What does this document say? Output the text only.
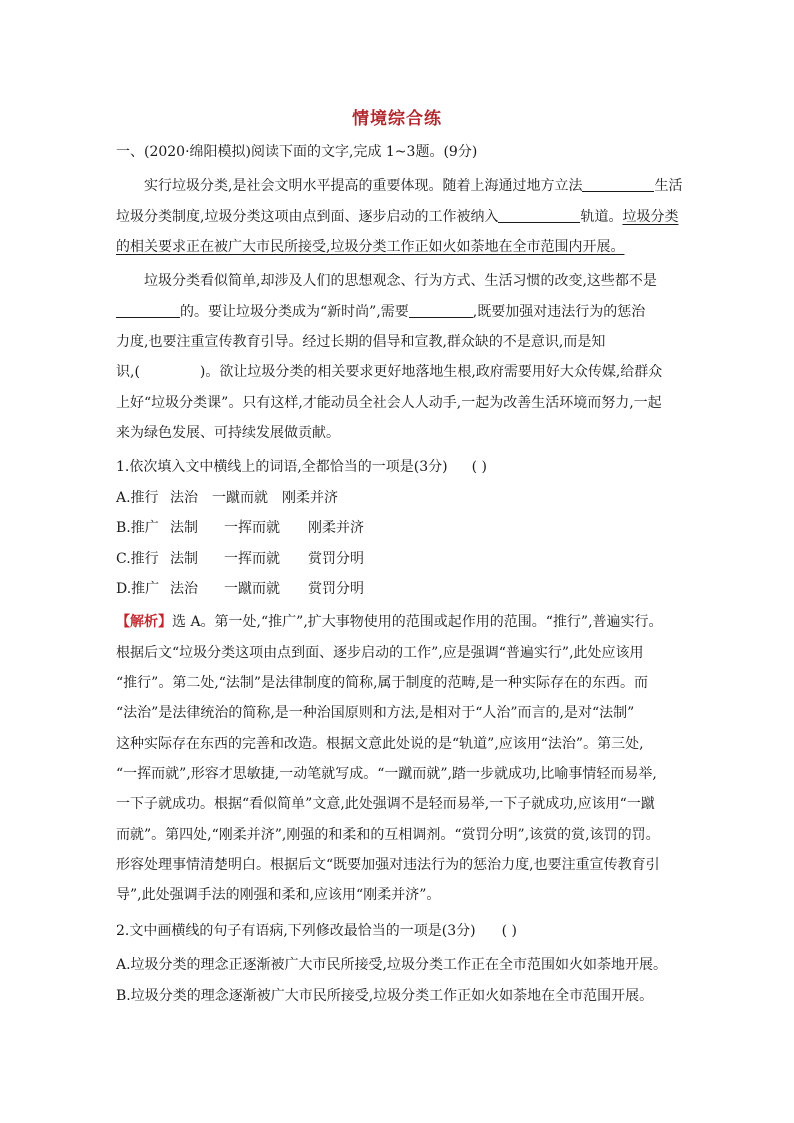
情境综合练
一、(2020·绵阳模拟)阅读下面的文字,完成 1~3题。(9分)
实行垃圾分类,是社会文明水平提高的重要体现。随着上海通过地方立法	生活
垃圾分类制度,垃圾分类这项由点到面、逐步启动的工作被纳入	轨道。垃圾分类
的相关要求正在被广大市民所接受,垃圾分类工作正如火如荼地在全市范围内开展。
垃圾分类看似简单,却涉及人们的思想观念、行为方式、生活习惯的改变,这些都不是
的。要让垃圾分类成为“新时尚”,需要	,既要加强对违法行为的惩治
力度,也要注重宣传教育引导。经过长期的倡导和宣教,群众缺的不是意识,而是知
识,(	)。欲让垃圾分类的相关要求更好地落地生根,政府需要用好大众传媒,给群众
上好“垃圾分类课”。只有这样,才能动员全社会人人动手,一起为改善生活环境而努力,一起
来为绿色发展、可持续发展做贡献。
1.依次填入文中横线上的词语,全都恰当的一项是(3分) ( )
A.推行 法治 一蹴而就 刚柔并济
B.推广 法制 一挥而就 刚柔并济
C.推行 法制 一挥而就 赏罚分明
D.推广 法治 一蹴而就 赏罚分明
【解析】选 A。第一处,“推广”,扩大事物使用的范围或起作用的范围。“推行”,普遍实行。
根据后文“垃圾分类这项由点到面、逐步启动的工作”,应是强调“普遍实行”,此处应该用
“推行”。第二处,“法制”是法律制度的简称,属于制度的范畴,是一种实际存在的东西。而
“法治”是法律统治的简称,是一种治国原则和方法,是相对于“人治”而言的,是对“法制”
这种实际存在东西的完善和改造。根据文意此处说的是“轨道”,应该用“法治”。第三处,
“一挥而就”,形容才思敏捷,一动笔就写成。“一蹴而就”,踏一步就成功,比喻事情轻而易举,
一下子就成功。根据“看似简单”文意,此处强调不是轻而易举,一下子就成功,应该用“一蹴
而就”。第四处,“刚柔并济”,刚强的和柔和的互相调剂。“赏罚分明”,该赏的赏,该罚的罚。
形容处理事情清楚明白。根据后文“既要加强对违法行为的惩治力度,也要注重宣传教育引
导”,此处强调手法的刚强和柔和,应该用“刚柔并济”。
2.文中画横线的句子有语病,下列修改最恰当的一项是(3分) ( )
A.垃圾分类的理念正逐渐被广大市民所接受,垃圾分类工作正在全市范围如火如荼地开展。
B.垃圾分类的理念逐渐被广大市民所接受,垃圾分类工作正如火如荼地在全市范围开展。
